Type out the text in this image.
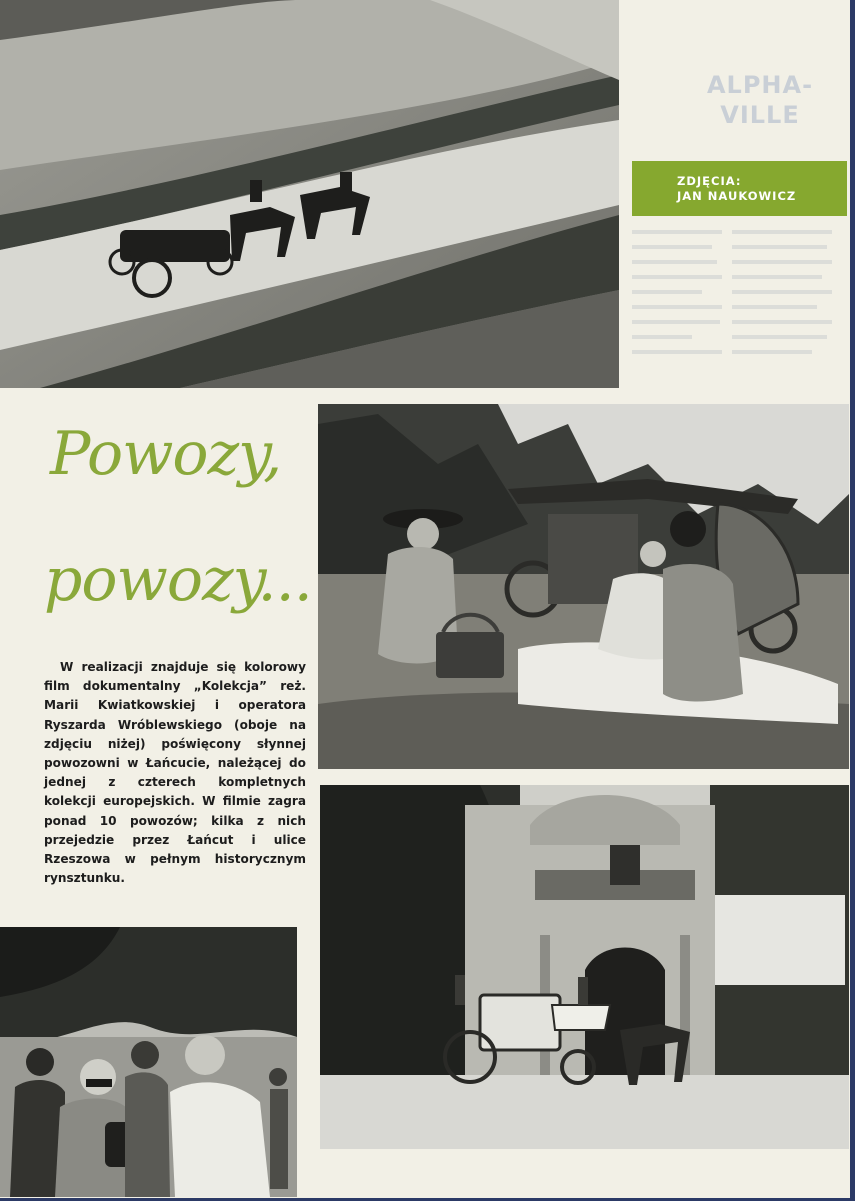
ALPHA-
VILLE
ZDJĘCIA:
JAN NAUKOWICZ
Powozy,
powozy...

W realizacji znajduje się kolorowy film dokumentalny „Kolekcja” reż. Marii Kwiatkowskiej i operatora Ryszarda Wróblewskiego (oboje na zdjęciu niżej) poświęcony słynnej powozowni w Łańcucie, należącej do jednej z czterech kompletnych kolekcji europejskich. W filmie zagra ponad 10 powozów; kilka z nich przejedzie przez Łańcut i ulice Rzeszowa w pełnym historycznym rynsztunku.
